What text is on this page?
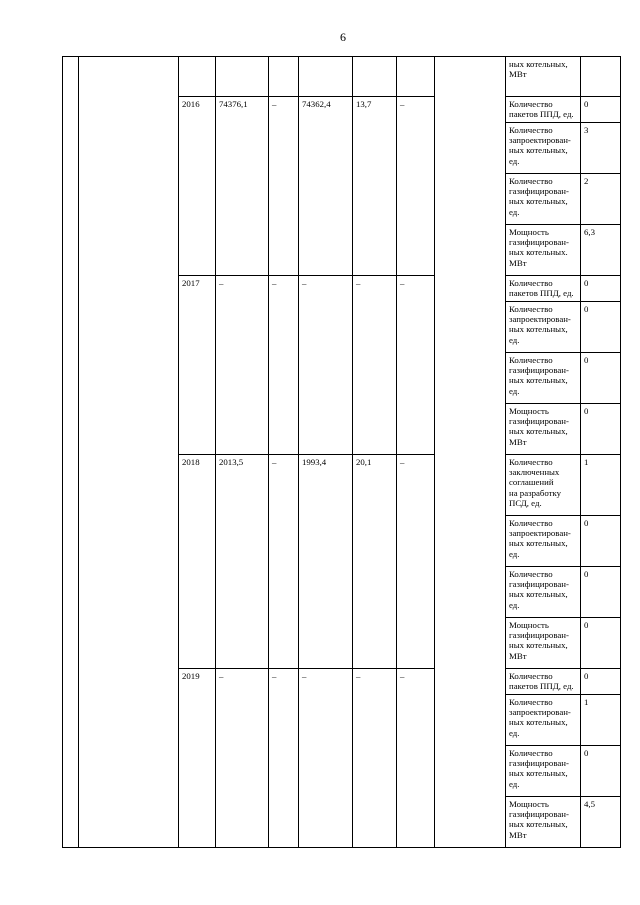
6
									ных котельных,
МВт	
		2016	74376,1	–	74362,4	13,7	–		Количество
пакетов ППД, ед.	0
									Количество
запроектирован-
ных котельных,
ед.	3
									Количество
газифицирован-
ных котельных,
ед.	2
									Мощность
газифицирован-
ных котельных.
МВт	6,3
		2017	–	–	–	–	–		Количество
пакетов ППД, ед.	0
									Количество
запроектирован-
ных котельных,
ед.	0
									Количество
газифицирован-
ных котельных,
ед.	0
									Мощность
газифицирован-
ных котельных,
МВт	0
		2018	2013,5	–	1993,4	20,1	–		Количество
заключенных
соглашений
на разработку
ПСД, ед.	1
									Количество
запроектирован-
ных котельных,
ед.	0
									Количество
газифицирован-
ных котельных,
ед.	0
									Мощность
газифицирован-
ных котельных,
МВт	0
		2019	–	–	–	–	–		Количество
пакетов ППД, ед.	0
									Количество
запроектирован-
ных котельных,
ед.	1
									Количество
газифицирован-
ных котельных,
ед.	0
									Мощность
газифицирован-
ных котельных,
МВт	4,5
